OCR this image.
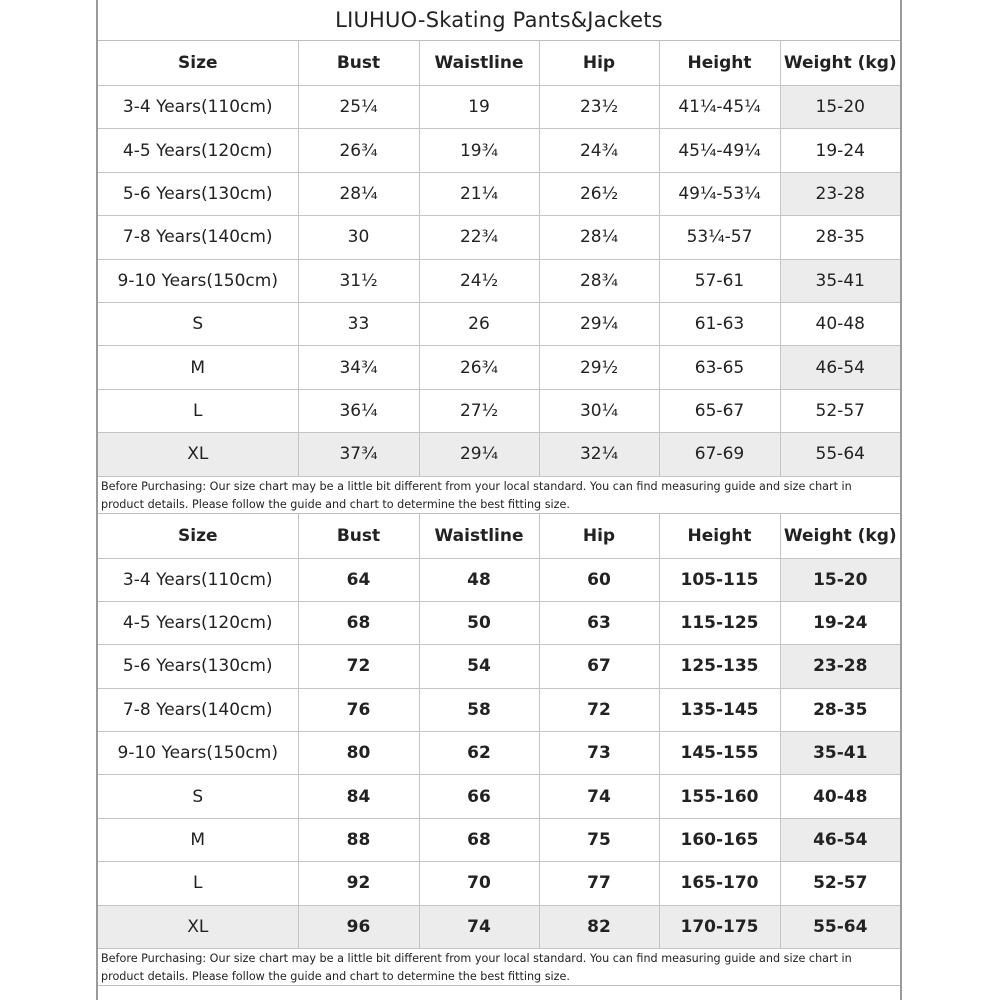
LIUHUO-Skating Pants&Jackets
Size	Bust	Waistline	Hip	Height	Weight (kg)
3-4 Years(110cm)	25¼	19	23½	41¼-45¼	15-20
4-5 Years(120cm)	26¾	19¾	24¾	45¼-49¼	19-24
5-6 Years(130cm)	28¼	21¼	26½	49¼-53¼	23-28
7-8 Years(140cm)	30	22¾	28¼	53¼-57	28-35
9-10 Years(150cm)	31½	24½	28¾	57-61	35-41
S	33	26	29¼	61-63	40-48
M	34¾	26¾	29½	63-65	46-54
L	36¼	27½	30¼	65-67	52-57
XL	37¾	29¼	32¼	67-69	55-64
Before Purchasing: Our size chart may be a little bit different from your local standard. You can find measuring guide and size chart in product details. Please follow the guide and chart to determine the best fitting size.
Size	Bust	Waistline	Hip	Height	Weight (kg)
3-4 Years(110cm)	64	48	60	105-115	15-20
4-5 Years(120cm)	68	50	63	115-125	19-24
5-6 Years(130cm)	72	54	67	125-135	23-28
7-8 Years(140cm)	76	58	72	135-145	28-35
9-10 Years(150cm)	80	62	73	145-155	35-41
S	84	66	74	155-160	40-48
M	88	68	75	160-165	46-54
L	92	70	77	165-170	52-57
XL	96	74	82	170-175	55-64
Before Purchasing: Our size chart may be a little bit different from your local standard. You can find measuring guide and size chart in product details. Please follow the guide and chart to determine the best fitting size.
